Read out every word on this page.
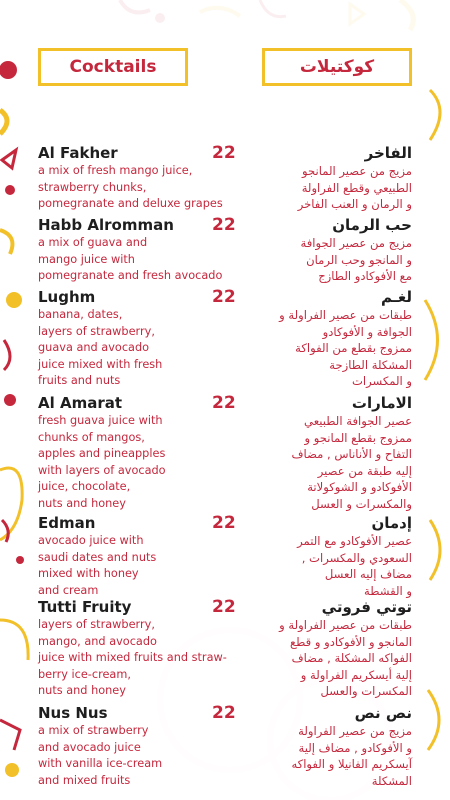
Cocktails	كوكتيلات
Al Fakher
a mix of fresh mango juice,
strawberry chunks,
pomegranate and deluxe grapes
22	الفاخر
مزيج من عصير المانجو
الطبيعي وقطع الفراولة
و الرمان و العنب الفاخر
Habb Alromman
a mix of guava and
mango juice with
pomegranate and fresh avocado
22	حب الرمان
مزيج من عصير الجوافة
و المانجو وحب الرمان
مع الأفوكادو الطازج
Lughm
banana, dates,
layers of strawberry,
guava and avocado
juice mixed with fresh
fruits and nuts
22	لغـم
طبقات من عصير الفراولة و
الجوافة و الأفوكادو
ممزوج بقطع من الفواكة
المشكلة الطازجة
و المكسرات
Al Amarat
fresh guava juice with
chunks of mangos,
apples and pineapples
with layers of avocado
juice, chocolate,
nuts and honey
22	الامارات
عصير الجوافة الطبيعي
ممزوج بقطع المانجو و
التفاح و الأناناس , مضاف
إليه طبقة من عصير
الأفوكادو و الشوكولاتة
والمكسرات و العسل
Edman
avocado juice with
saudi dates and nuts
mixed with honey
and cream
22	إدمان
عصير الأفوكادو مع التمر
السعودي والمكسرات ,
مضاف إليه العسل
و القشطة
Tutti Fruity
layers of strawberry,
mango, and avocado
juice with mixed fruits and straw-
berry ice-cream,
nuts and honey
22	توتي فروتي
طبقات من عصير الفراولة و
المانجو و الأفوكادو و قطع
الفواكه المشكلة , مضاف
إلية أيسكريم الفراولة و
المكسرات والعسل
Nus Nus
a mix of strawberry
and avocado juice
with vanilla ice-cream
and mixed fruits
22	نص نص
مزيج من عصير الفراولة
و الأفوكادو , مضاف إلية
آيسكريم الفانيلا و الفواكه
المشكلة
